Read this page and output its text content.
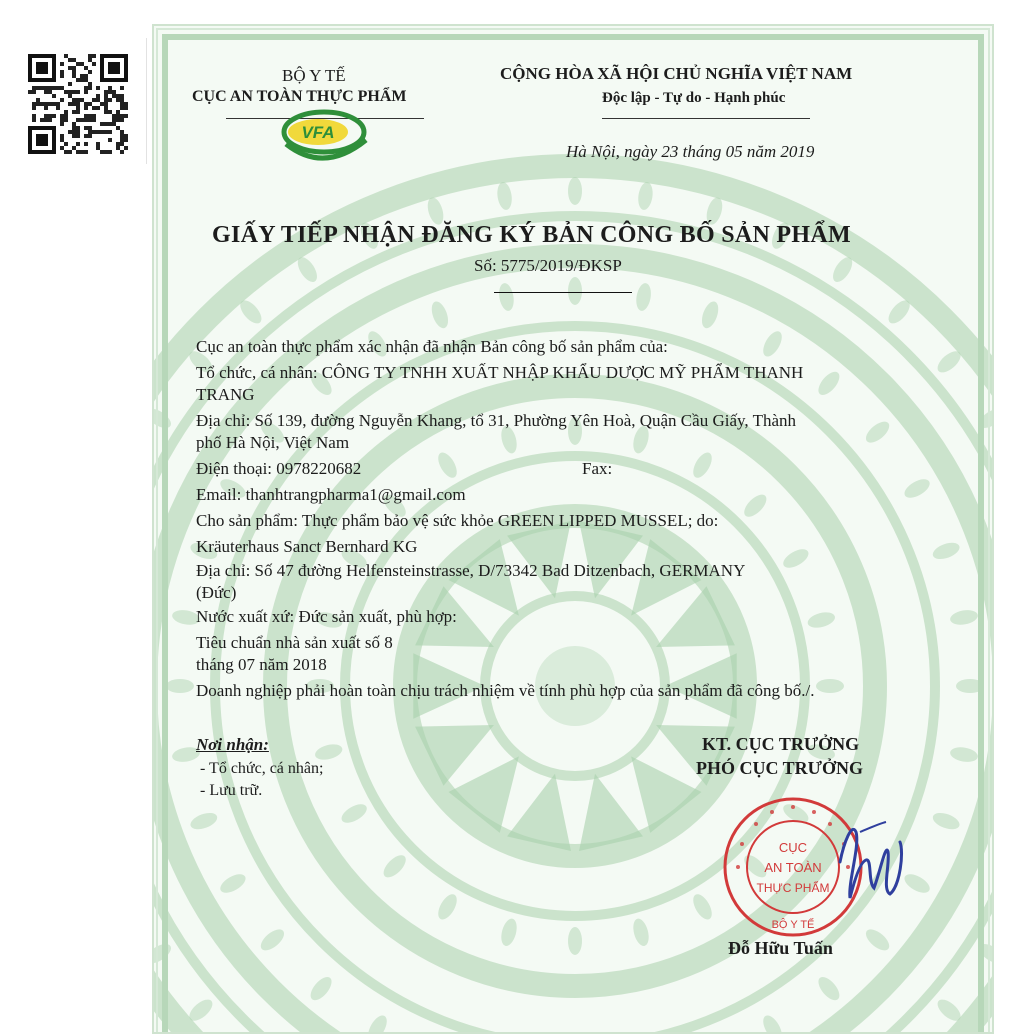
BỘ Y TẾ
CỤC AN TOÀN THỰC PHẨM
VFA
CỘNG HÒA XÃ HỘI CHỦ NGHĨA VIỆT NAM
Độc lập - Tự do - Hạnh phúc
Hà Nội, ngày 23 tháng 05 năm 2019
GIẤY TIẾP NHẬN ĐĂNG KÝ BẢN CÔNG BỐ SẢN PHẨM
Số: 5775/2019/ĐKSP
Cục an toàn thực phẩm xác nhận đã nhận Bản công bố sản phẩm của:
Tổ chức, cá nhân: CÔNG TY TNHH XUẤT NHẬP KHẨU DƯỢC MỸ PHẨM THANH
TRANG
Địa chỉ: Số 139, đường Nguyễn Khang, tổ 31, Phường Yên Hoà, Quận Cầu Giấy, Thành
phố Hà Nội, Việt Nam
Điện thoại: 0978220682	Fax:
Email: thanhtrangpharma1@gmail.com
Cho sản phẩm: Thực phẩm bảo vệ sức khỏe GREEN LIPPED MUSSEL; do:
Kräuterhaus Sanct Bernhard KG
Địa chỉ: Số 47 đường Helfensteinstrasse, D/73342 Bad Ditzenbach, GERMANY
(Đức)
Nước xuất xứ: Đức sản xuất, phù hợp:
Tiêu chuẩn nhà sản xuất số 8
tháng 07 năm 2018
Doanh nghiệp phải hoàn toàn chịu trách nhiệm về tính phù hợp của sản phẩm đã công bố./.
Nơi nhận:
- Tổ chức, cá nhân;
- Lưu trữ.
KT. CỤC TRƯỞNG
PHÓ CỤC TRƯỞNG
CỤC
AN TOÀN
THỰC PHẨM
BỘ Y TẾ
Đỗ Hữu Tuấn
